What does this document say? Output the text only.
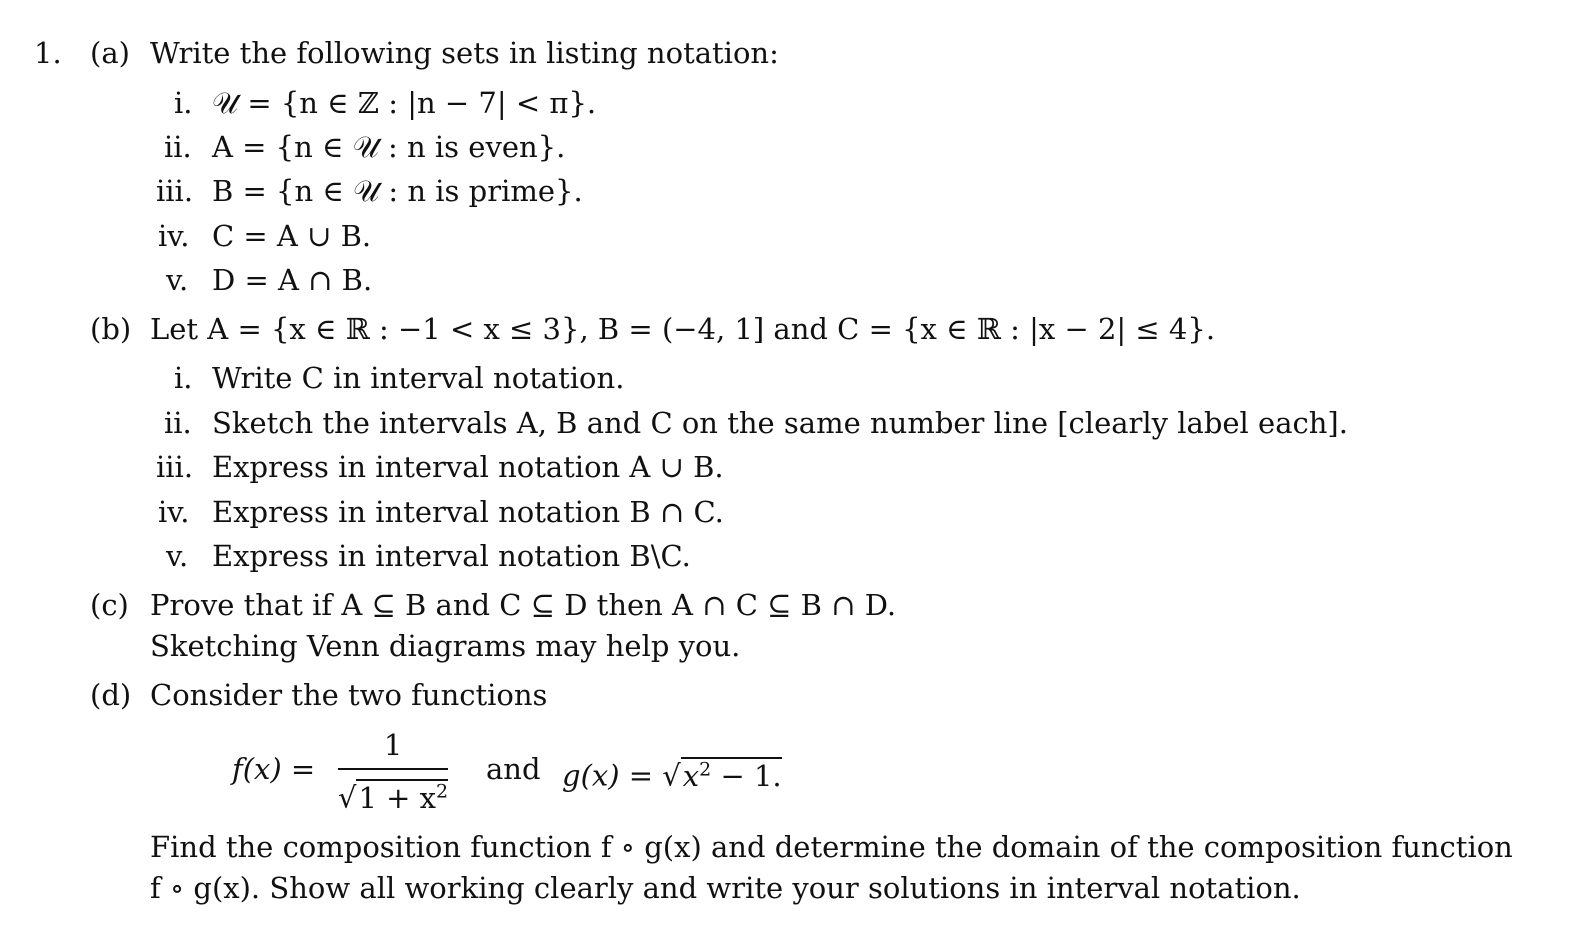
1. (a) Write the following sets in listing notation:
i. 𝒰 = {n ∈ ℤ : |n − 7| < π}.
ii. A = {n ∈ 𝒰 : n is even}.
iii. B = {n ∈ 𝒰 : n is prime}.
iv. C = A ∪ B.
v. D = A ∩ B.
(b) Let A = {x ∈ ℝ : −1 < x ≤ 3}, B = (−4, 1] and C = {x ∈ ℝ : |x − 2| ≤ 4}.
i. Write C in interval notation.
ii. Sketch the intervals A, B and C on the same number line [clearly label each].
iii. Express in interval notation A ∪ B.
iv. Express in interval notation B ∩ C.
v. Express in interval notation B\C.
(c) Prove that if A ⊆ B and C ⊆ D then A ∩ C ⊆ B ∩ D.
Sketching Venn diagrams may help you.
(d) Consider the two functions
$f(x) = \frac{1}{√1 + x^2}$ and $g(x) = √x^2 - 1$.
Find the composition function f ∘ g(x) and determine the domain of the composition function
f ∘ g(x). Show all working clearly and write your solutions in interval notation.
